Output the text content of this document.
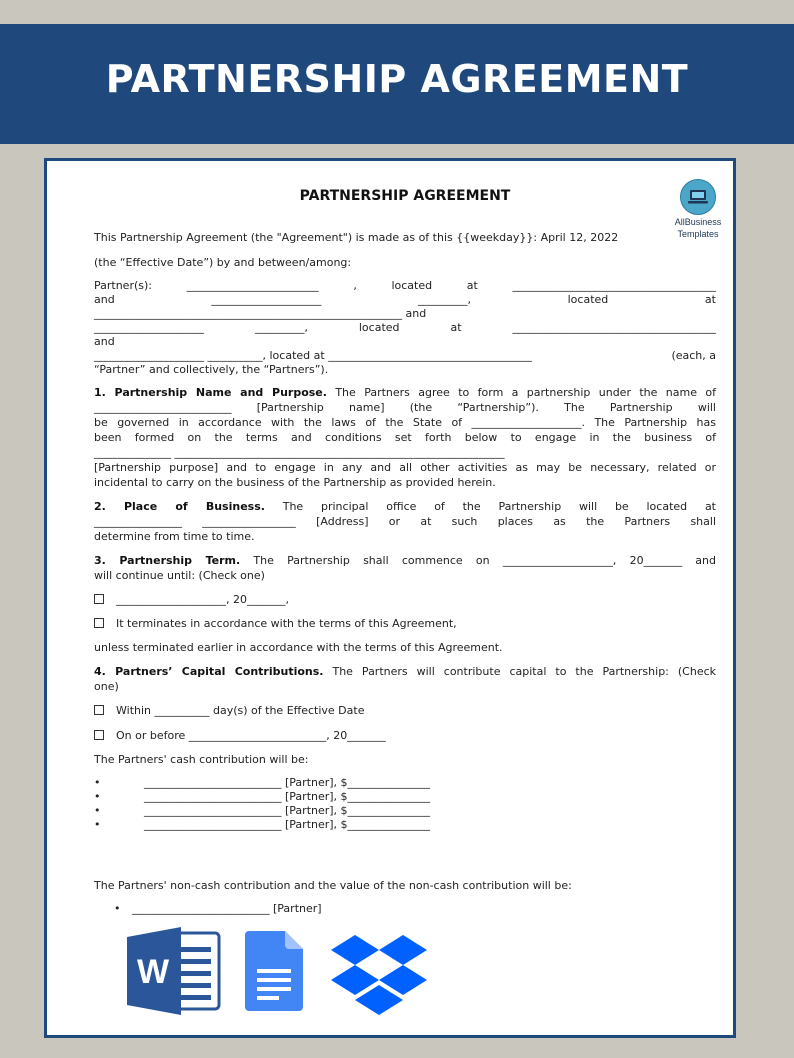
PARTNERSHIP AGREEMENT
AllBusiness
Templates
PARTNERSHIP AGREEMENT

This Partnership Agreement (the "Agreement") is made as of this {{weekday}}: April 12, 2022

(the “Effective Date”) by and between/among:

Partner(s):	________________________	,	located	at	_____________________________________
and	____________________	_________,	located	at

________________________________________________________ and

____________________	_________,	located	at	_____________________________________

and

____________________ __________, located at _____________________________________	(each, a

“Partner” and collectively, the “Partners”).

1. Partnership Name and Purpose. The Partners agree to form a partnership under the name of

_________________________ [Partnership name] (the “Partnership”). The Partnership will

be governed in accordance with the laws of the State of ____________________. The Partnership has

been formed on the terms and conditions set forth below to engage in the business of

______________ ____________________________________________________________

[Partnership purpose] and to engage in any and all other activities as may be necessary, related or

incidental to carry on the business of the Partnership as provided herein.

2. Place of Business. The principal office of the Partnership will be located at

________________ _________________ [Address] or at such places as the Partners shall

determine from time to time.

3. Partnership Term. The Partnership shall commence on ____________________, 20_______ and

will continue until: (Check one)

____________________, 20_______,

It terminates in accordance with the terms of this Agreement,

unless terminated earlier in accordance with the terms of this Agreement.

4. Partners’ Capital Contributions. The Partners will contribute capital to the Partnership: (Check

one)

Within __________ day(s) of the Effective Date

On or before _________________________, 20_______

The Partners' cash contribution will be:

•	_________________________ [Partner], $_______________
•	_________________________ [Partner], $_______________
•	_________________________ [Partner], $_______________
•	_________________________ [Partner], $_______________

The Partners' non-cash contribution and the value of the non-cash contribution will be:

• _________________________ [Partner]
W
